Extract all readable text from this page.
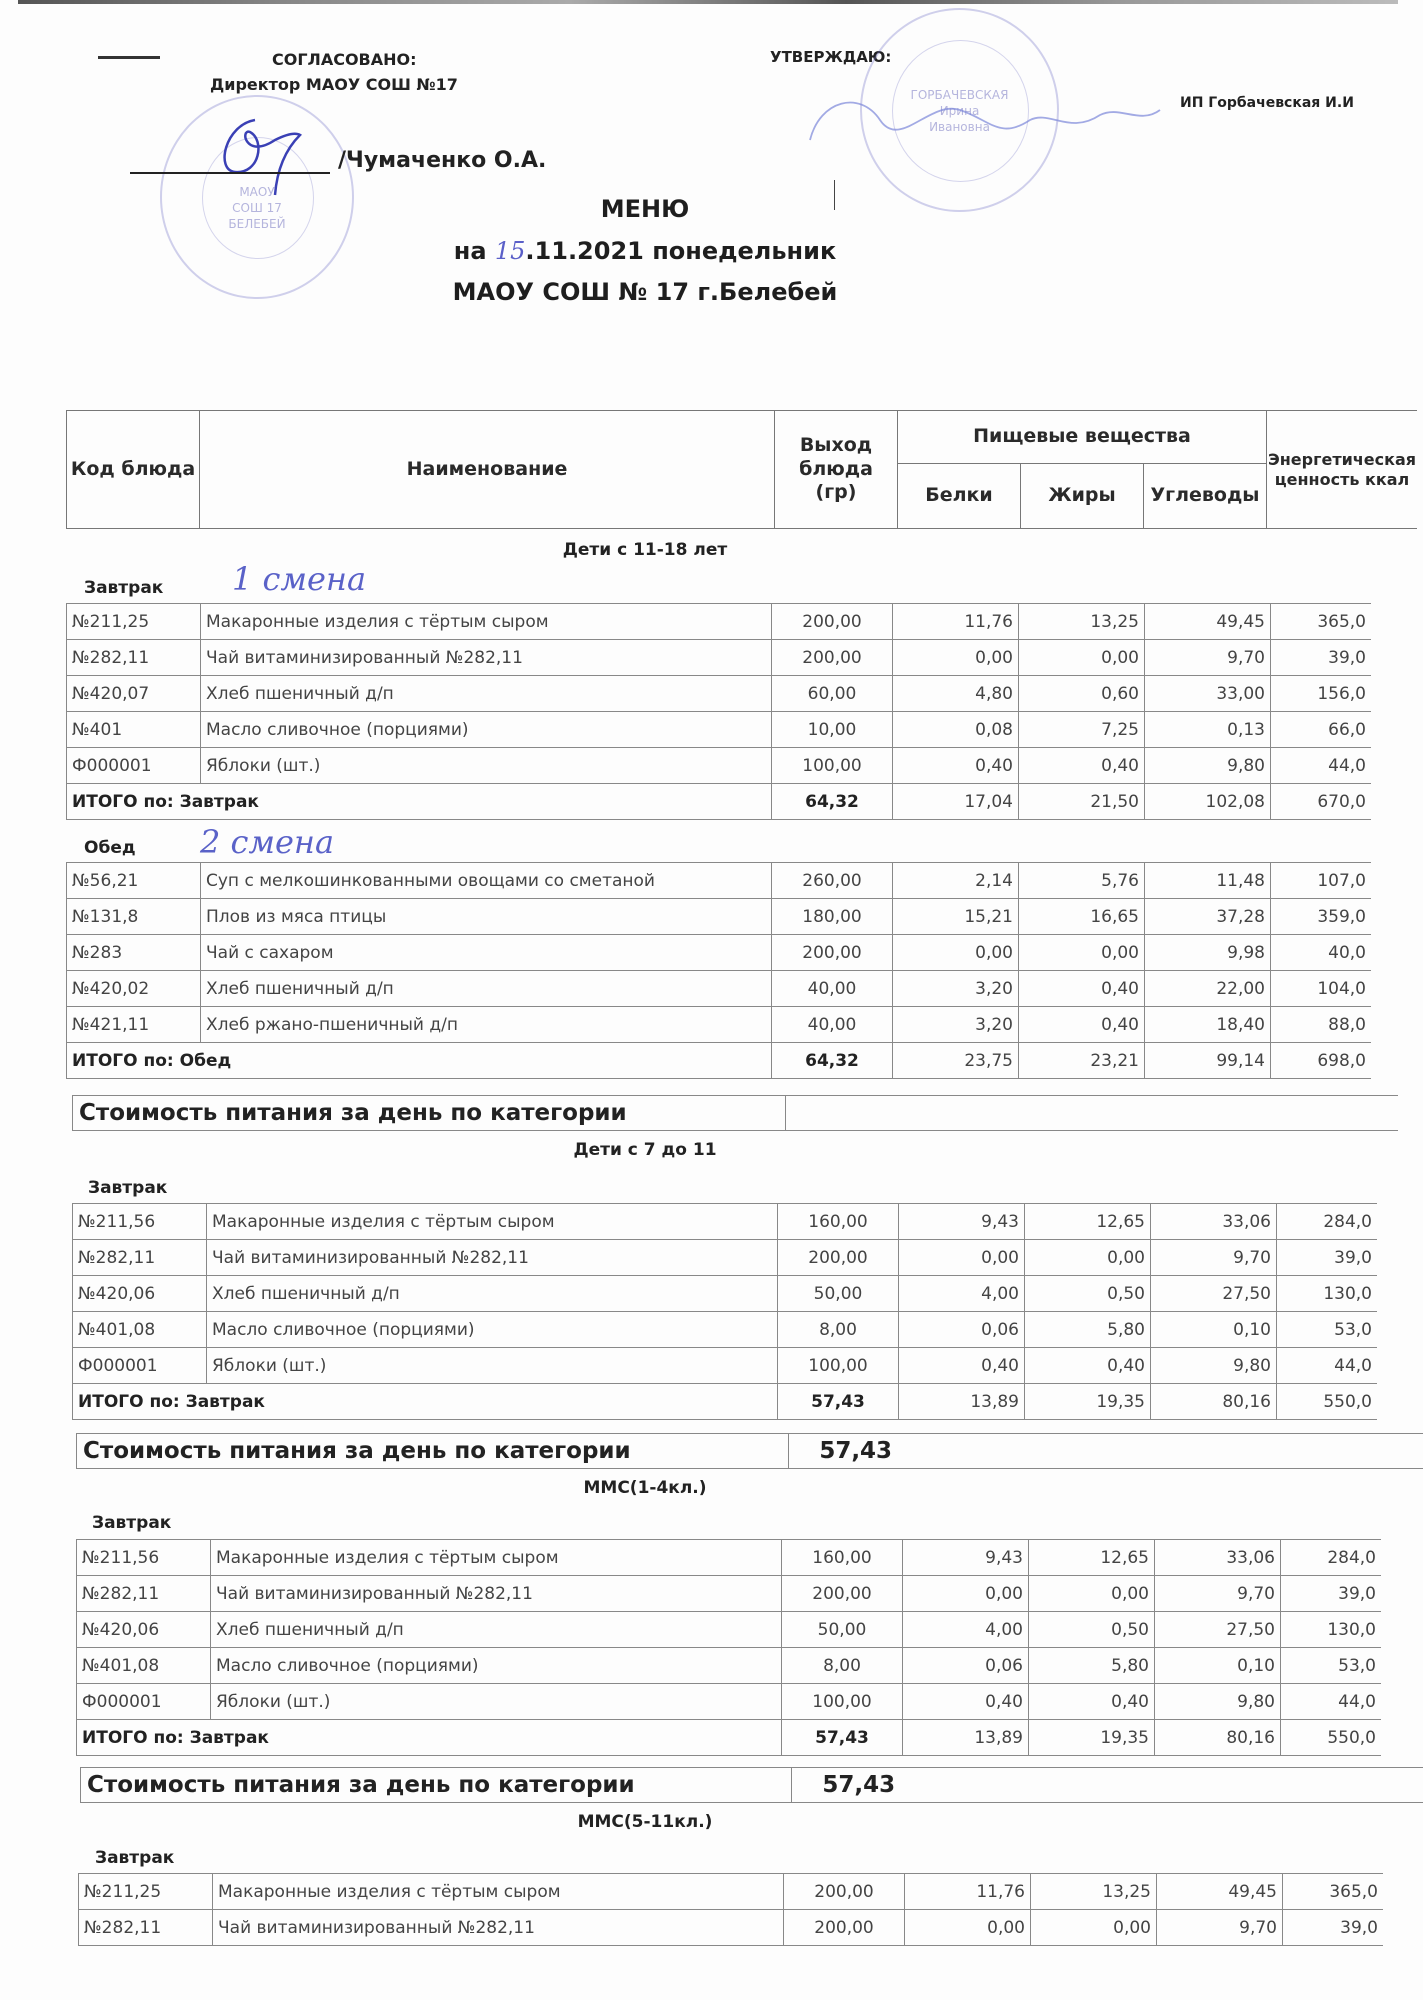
СОГЛАСОВАНО:
Директор МАОУ СОШ №17
МАОУ
СОШ 17
БЕЛЕБЕЙ
/Чумаченко О.А.
УТВЕРЖДАЮ:
ГОРБАЧЕВСКАЯ
Ирина
Ивановна
ИП Горбачевская И.И
МЕНЮ
на 15.11.2021 понедельник
МАОУ СОШ № 17 г.Белебей
Код блюда	Наименование	Выход блюда (гр)	Пищевые вещества			Энергетическая ценность ккал
			Белки	Жиры	Углеводы	
Дети с 11-18 лет
Завтрак 1 смена
№211,25	Макаронные изделия с тёртым сыром	200,00	11,76	13,25	49,45	365,0
№282,11	Чай витаминизированный №282,11	200,00	0,00	0,00	9,70	39,0
№420,07	Хлеб пшеничный д/п	60,00	4,80	0,60	33,00	156,0
№401	Масло сливочное (порциями)	10,00	0,08	7,25	0,13	66,0
Ф000001	Яблоки (шт.)	100,00	0,40	0,40	9,80	44,0
ИТОГО по: Завтрак		64,32	17,04	21,50	102,08	670,0
Обед 2 смена
№56,21	Суп с мелкошинкованными овощами со сметаной	260,00	2,14	5,76	11,48	107,0
№131,8	Плов из мяса птицы	180,00	15,21	16,65	37,28	359,0
№283	Чай с сахаром	200,00	0,00	0,00	9,98	40,0
№420,02	Хлеб пшеничный д/п	40,00	3,20	0,40	22,00	104,0
№421,11	Хлеб ржано-пшеничный д/п	40,00	3,20	0,40	18,40	88,0
ИТОГО по: Обед		64,32	23,75	23,21	99,14	698,0
Стоимость питания за день по категории	
Дети с 7 до 11
Завтрак
№211,56	Макаронные изделия с тёртым сыром	160,00	9,43	12,65	33,06	284,0
№282,11	Чай витаминизированный №282,11	200,00	0,00	0,00	9,70	39,0
№420,06	Хлеб пшеничный д/п	50,00	4,00	0,50	27,50	130,0
№401,08	Масло сливочное (порциями)	8,00	0,06	5,80	0,10	53,0
Ф000001	Яблоки (шт.)	100,00	0,40	0,40	9,80	44,0
ИТОГО по: Завтрак		57,43	13,89	19,35	80,16	550,0
Стоимость питания за день по категории	57,43
ММС(1-4кл.)
Завтрак
№211,56	Макаронные изделия с тёртым сыром	160,00	9,43	12,65	33,06	284,0
№282,11	Чай витаминизированный №282,11	200,00	0,00	0,00	9,70	39,0
№420,06	Хлеб пшеничный д/п	50,00	4,00	0,50	27,50	130,0
№401,08	Масло сливочное (порциями)	8,00	0,06	5,80	0,10	53,0
Ф000001	Яблоки (шт.)	100,00	0,40	0,40	9,80	44,0
ИТОГО по: Завтрак		57,43	13,89	19,35	80,16	550,0
Стоимость питания за день по категории	57,43
ММС(5-11кл.)
Завтрак
№211,25	Макаронные изделия с тёртым сыром	200,00	11,76	13,25	49,45	365,0
№282,11	Чай витаминизированный №282,11	200,00	0,00	0,00	9,70	39,0
